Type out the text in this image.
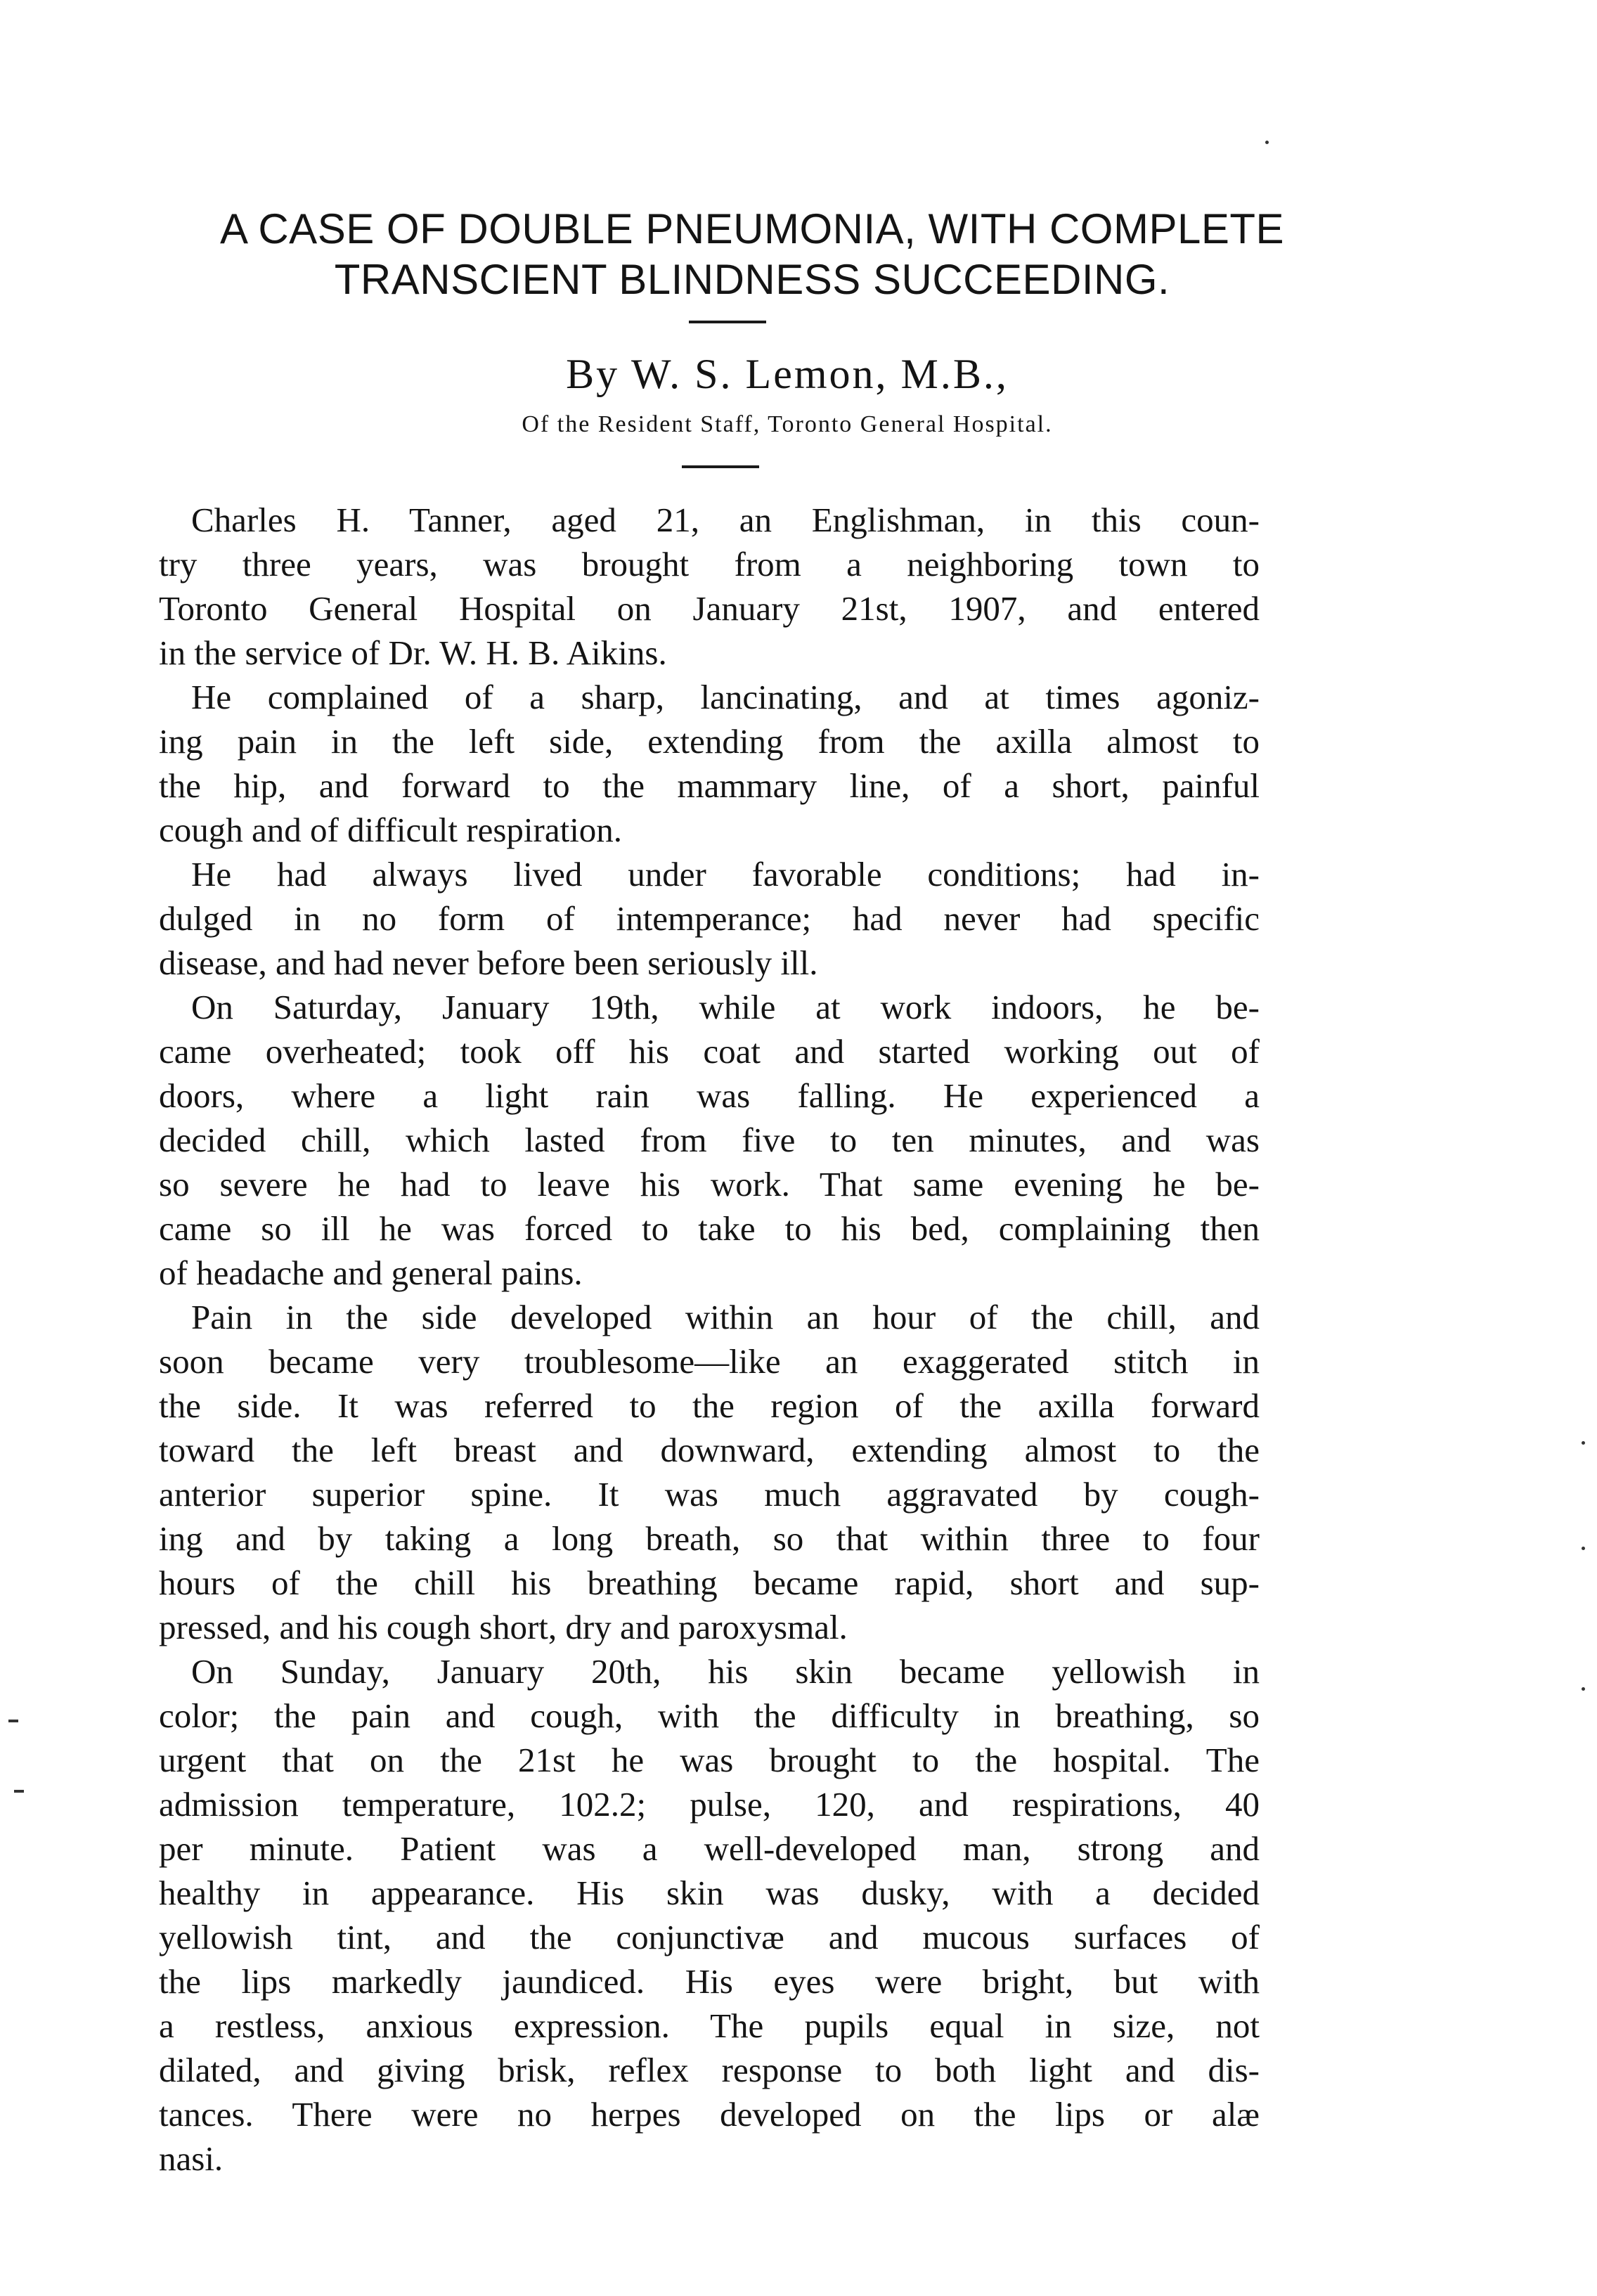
A CASE OF DOUBLE PNEUMONIA, WITH COMPLETE
TRANSCIENT BLINDNESS SUCCEEDING.
By W. S. Lemon, M.B.,
Of the Resident Staff, Toronto General Hospital.
Charles H. Tanner, aged 21, an Englishman, in this coun-
try three years, was brought from a neighboring town to
Toronto General Hospital on January 21st, 1907, and entered
in the service of Dr. W. H. B. Aikins.
He complained of a sharp, lancinating, and at times agoniz-
ing pain in the left side, extending from the axilla almost to
the hip, and forward to the mammary line, of a short, painful
cough and of difficult respiration.
He had always lived under favorable conditions; had in-
dulged in no form of intemperance; had never had specific
disease, and had never before been seriously ill.
On Saturday, January 19th, while at work indoors, he be-
came overheated; took off his coat and started working out of
doors, where a light rain was falling. He experienced a
decided chill, which lasted from five to ten minutes, and was
so severe he had to leave his work. That same evening he be-
came so ill he was forced to take to his bed, complaining then
of headache and general pains.
Pain in the side developed within an hour of the chill, and
soon became very troublesome—like an exaggerated stitch in
the side. It was referred to the region of the axilla forward
toward the left breast and downward, extending almost to the
anterior superior spine. It was much aggravated by cough-
ing and by taking a long breath, so that within three to four
hours of the chill his breathing became rapid, short and sup-
pressed, and his cough short, dry and paroxysmal.
On Sunday, January 20th, his skin became yellowish in
color; the pain and cough, with the difficulty in breathing, so
urgent that on the 21st he was brought to the hospital. The
admission temperature, 102.2; pulse, 120, and respirations, 40
per minute. Patient was a well-developed man, strong and
healthy in appearance. His skin was dusky, with a decided
yellowish tint, and the conjunctivæ and mucous surfaces of
the lips markedly jaundiced. His eyes were bright, but with
a restless, anxious expression. The pupils equal in size, not
dilated, and giving brisk, reflex response to both light and dis-
tances. There were no herpes developed on the lips or alæ
nasi.
